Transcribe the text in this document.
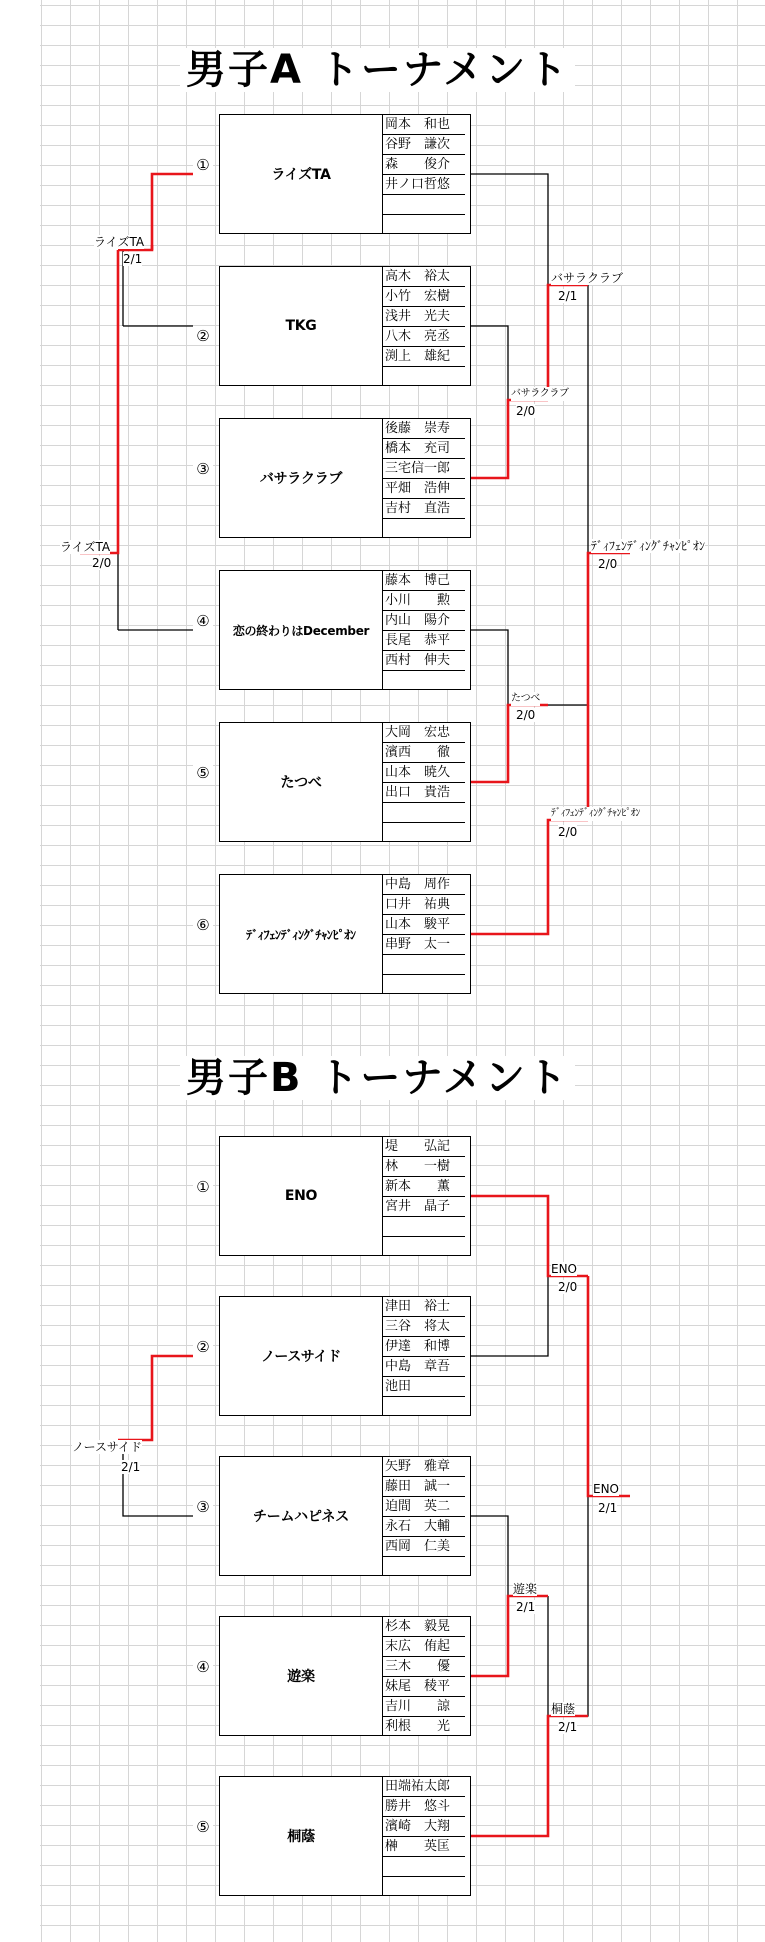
男子A トーナメント
①
ライズTA
岡本　和也
谷野　謙次
森　　俊介
井ノ口哲悠
②
TKG
高木　裕太
小竹　宏樹
浅井　光夫
八木　亮丞
渕上　雄紀
③
バサラクラブ
後藤　崇寿
橋本　充司
三宅信一郎
平畑　浩伸
吉村　直浩
④
恋の終わりはDecember
藤本　博己
小川　　勲
内山　陽介
長尾　恭平
西村　伸夫
⑤
たつべ
大岡　宏忠
濱西　　徹
山本　暁久
出口　貴浩
⑥
ﾃﾞｨﾌｪﾝﾃﾞｨﾝｸﾞﾁｬﾝﾋﾟｵﾝ
中島　周作
口井　祐典
山本　駿平
串野　太一
ライズTA
2/1
ライズTA
2/0
バサラクラブ
2/0
バサラクラブ
2/1
たつべ
2/0
ﾃﾞｨﾌｪﾝﾃﾞｨﾝｸﾞﾁｬﾝﾋﾟｵﾝ
2/0
ﾃﾞｨﾌｪﾝﾃﾞｨﾝｸﾞﾁｬﾝﾋﾟｵﾝ
2/0
男子B トーナメント
①	ENO
堤　　弘記
林　　一樹
新本　　薫
宮井　晶子
②
ノースサイド
津田　裕士
三谷　将太
伊達　和博
中島　章吾
池田
③
チームハピネス
矢野　雅章
藤田　誠一
迫間　英二
永石　大輔
西岡　仁美
④
遊楽
杉本　毅晃
末広　侑起
三木　　優
妹尾　稜平
吉川　　諒
利根　　光
⑤
桐蔭
田端祐太郎
勝井　悠斗
濱崎　大翔
榊　　英匡
ENO
2/0
ノースサイド
2/1
遊楽
2/1
桐蔭
2/1
ENO
2/1
